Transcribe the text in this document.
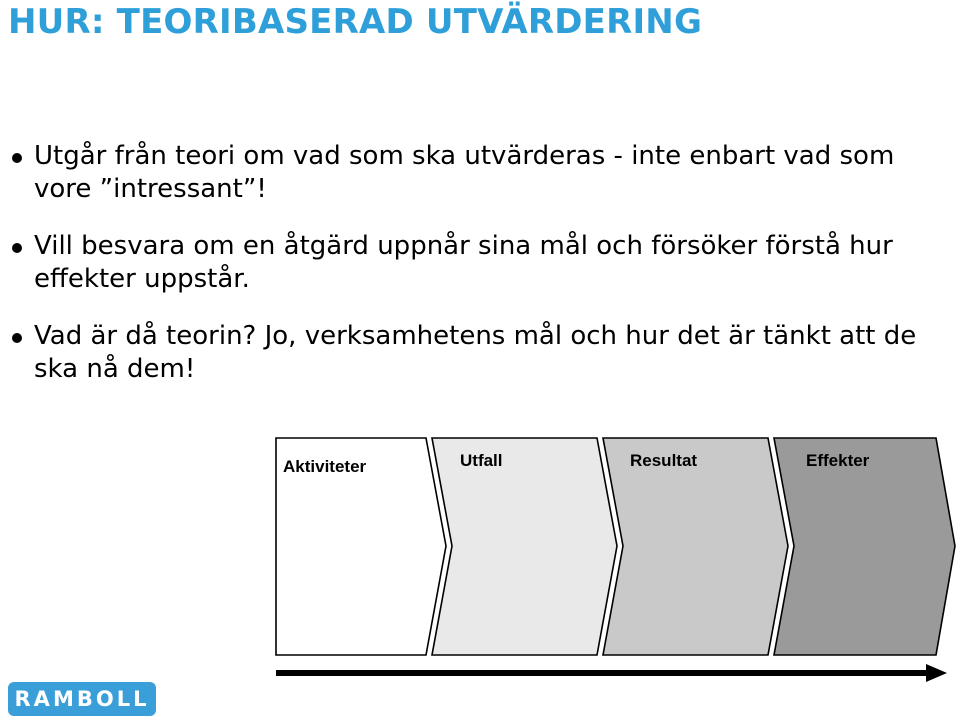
HUR: TEORIBASERAD UTVÄRDERING
Utgår från teori om vad som ska utvärderas - inte enbart vad som vore ”intressant”!
Vill besvara om en åtgärd uppnår sina mål och försöker förstå hur effekter uppstår.
Vad är då teorin? Jo, verksamhetens mål och hur det är tänkt att de ska nå dem!
Aktiviteter	Utfall	Resultat	Effekter
RAMBOLL
